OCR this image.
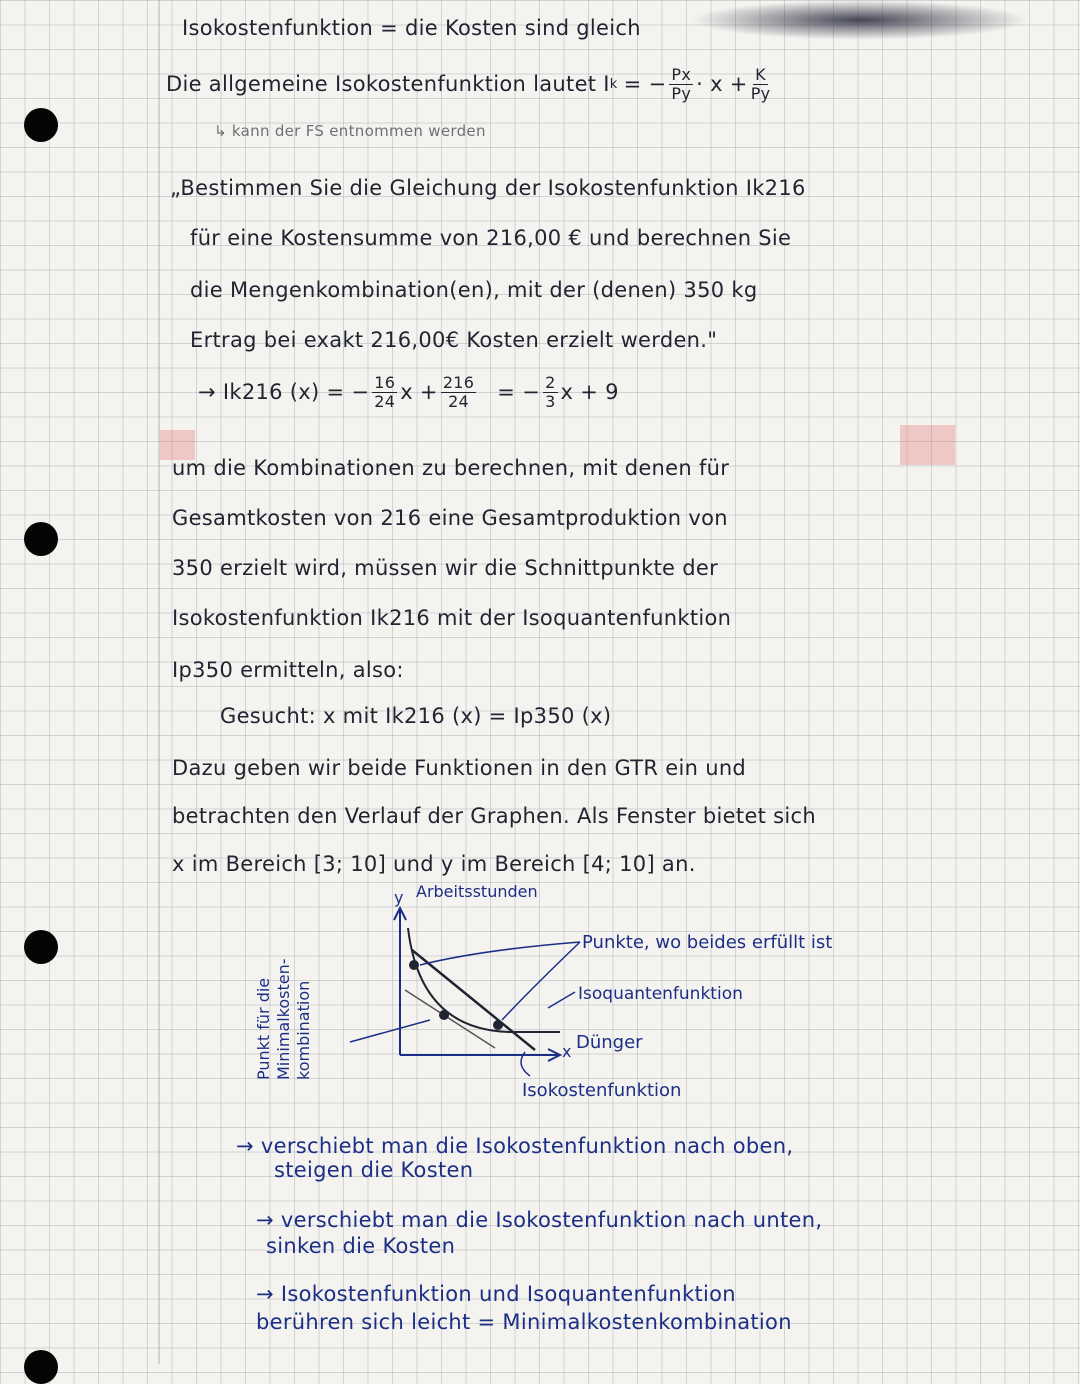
Isokostenfunktion = die Kosten sind gleich
Die allgemeine Isokostenfunktion lautet I k = − $\frac{Px}{Py} \cdot x + \frac{K}{Py}$
↳ kann der FS entnommen werden
„Bestimmen Sie die Gleichung der Isokostenfunktion Ik216
für eine Kostensumme von 216,00 € und berechnen Sie
die Mengenkombination(en), mit der (denen) 350 kg
Ertrag bei exakt 216,00€ Kosten erzielt werden."
→ Ik216 (x) = − $\frac{16}{24}$ $x + \frac{216}{24}$ = − $\frac{2}{3}$ x + 9
um die Kombinationen zu berechnen, mit denen für
Gesamtkosten von 216 eine Gesamtproduktion von
350 erzielt wird, müssen wir die Schnittpunkte der
Isokostenfunktion Ik216 mit der Isoquantenfunktion
Ip350 ermitteln, also:
Gesucht: x mit Ik216 (x) = Ip350 (x)
Dazu geben wir beide Funktionen in den GTR ein und
betrachten den Verlauf der Graphen. Als Fenster bietet sich
x im Bereich [3; 10] und y im Bereich [4; 10] an.
y Arbeitsstunden
x Dünger
Punkte, wo beides erfüllt ist
Isoquantenfunktion
Isokostenfunktion
Punkt für die Minimalkosten- kombination
→ verschiebt man die Isokostenfunktion nach oben,
steigen die Kosten
→ verschiebt man die Isokostenfunktion nach unten,
sinken die Kosten
→ Isokostenfunktion und Isoquantenfunktion
berühren sich leicht = Minimalkostenkombination
